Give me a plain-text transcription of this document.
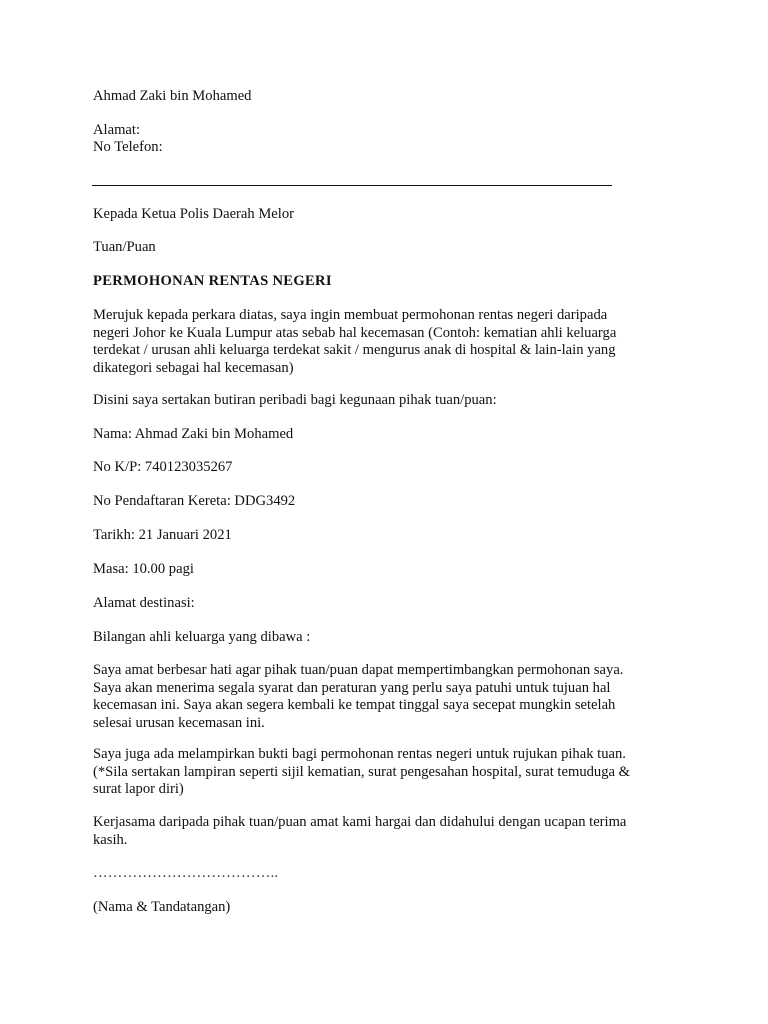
Ahmad Zaki bin Mohamed
Alamat:
No Telefon:
Kepada Ketua Polis Daerah Melor
Tuan/Puan
PERMOHONAN RENTAS NEGERI
Merujuk kepada perkara diatas, saya ingin membuat permohonan rentas negeri daripada
negeri Johor ke Kuala Lumpur atas sebab hal kecemasan (Contoh: kematian ahli keluarga
terdekat / urusan ahli keluarga terdekat sakit / mengurus anak di hospital & lain-lain yang
dikategori sebagai hal kecemasan)
Disini saya sertakan butiran peribadi bagi kegunaan pihak tuan/puan:
Nama: Ahmad Zaki bin Mohamed
No K/P: 740123035267
No Pendaftaran Kereta: DDG3492
Tarikh: 21 Januari 2021
Masa: 10.00 pagi
Alamat destinasi:
Bilangan ahli keluarga yang dibawa :
Saya amat berbesar hati agar pihak tuan/puan dapat mempertimbangkan permohonan saya.
Saya akan menerima segala syarat dan peraturan yang perlu saya patuhi untuk tujuan hal
kecemasan ini. Saya akan segera kembali ke tempat tinggal saya secepat mungkin setelah
selesai urusan kecemasan ini.
Saya juga ada melampirkan bukti bagi permohonan rentas negeri untuk rujukan pihak tuan.
(*Sila sertakan lampiran seperti sijil kematian, surat pengesahan hospital, surat temuduga &
surat lapor diri)
Kerjasama daripada pihak tuan/puan amat kami hargai dan didahului dengan ucapan terima
kasih.
………………………………..
(Nama & Tandatangan)
